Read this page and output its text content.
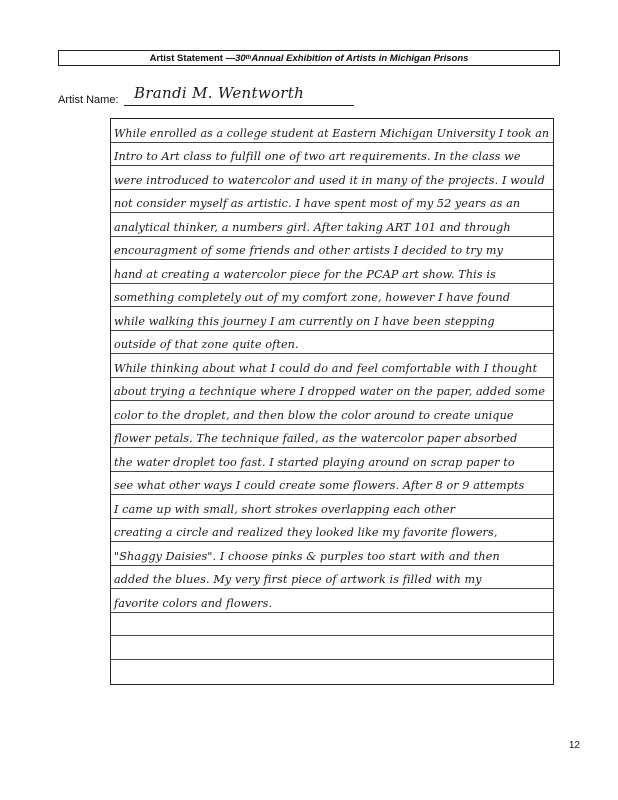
Artist Statement — 30 th Annual Exhibition of Artists in Michigan Prisons
Artist Name: Brandi M. Wentworth
While enrolled as a college student at Eastern Michigan University I took an
Intro to Art class to fulfill one of two art requirements. In the class we
were introduced to watercolor and used it in many of the projects. I would
not consider myself as artistic. I have spent most of my 52 years as an
analytical thinker, a numbers girl. After taking ART 101 and through
encouragment of some friends and other artists I decided to try my
hand at creating a watercolor piece for the PCAP art show. This is
something completely out of my comfort zone, however I have found
while walking this journey I am currently on I have been stepping
outside of that zone quite often.
While thinking about what I could do and feel comfortable with I thought
about trying a technique where I dropped water on the paper, added some
color to the droplet, and then blow the color around to create unique
flower petals. The technique failed, as the watercolor paper absorbed
the water droplet too fast. I started playing around on scrap paper to
see what other ways I could create some flowers. After 8 or 9 attempts
I came up with small, short strokes overlapping each other
creating a circle and realized they looked like my favorite flowers,
"Shaggy Daisies". I choose pinks & purples too start with and then
added the blues. My very first piece of artwork is filled with my
favorite colors and flowers.
12
